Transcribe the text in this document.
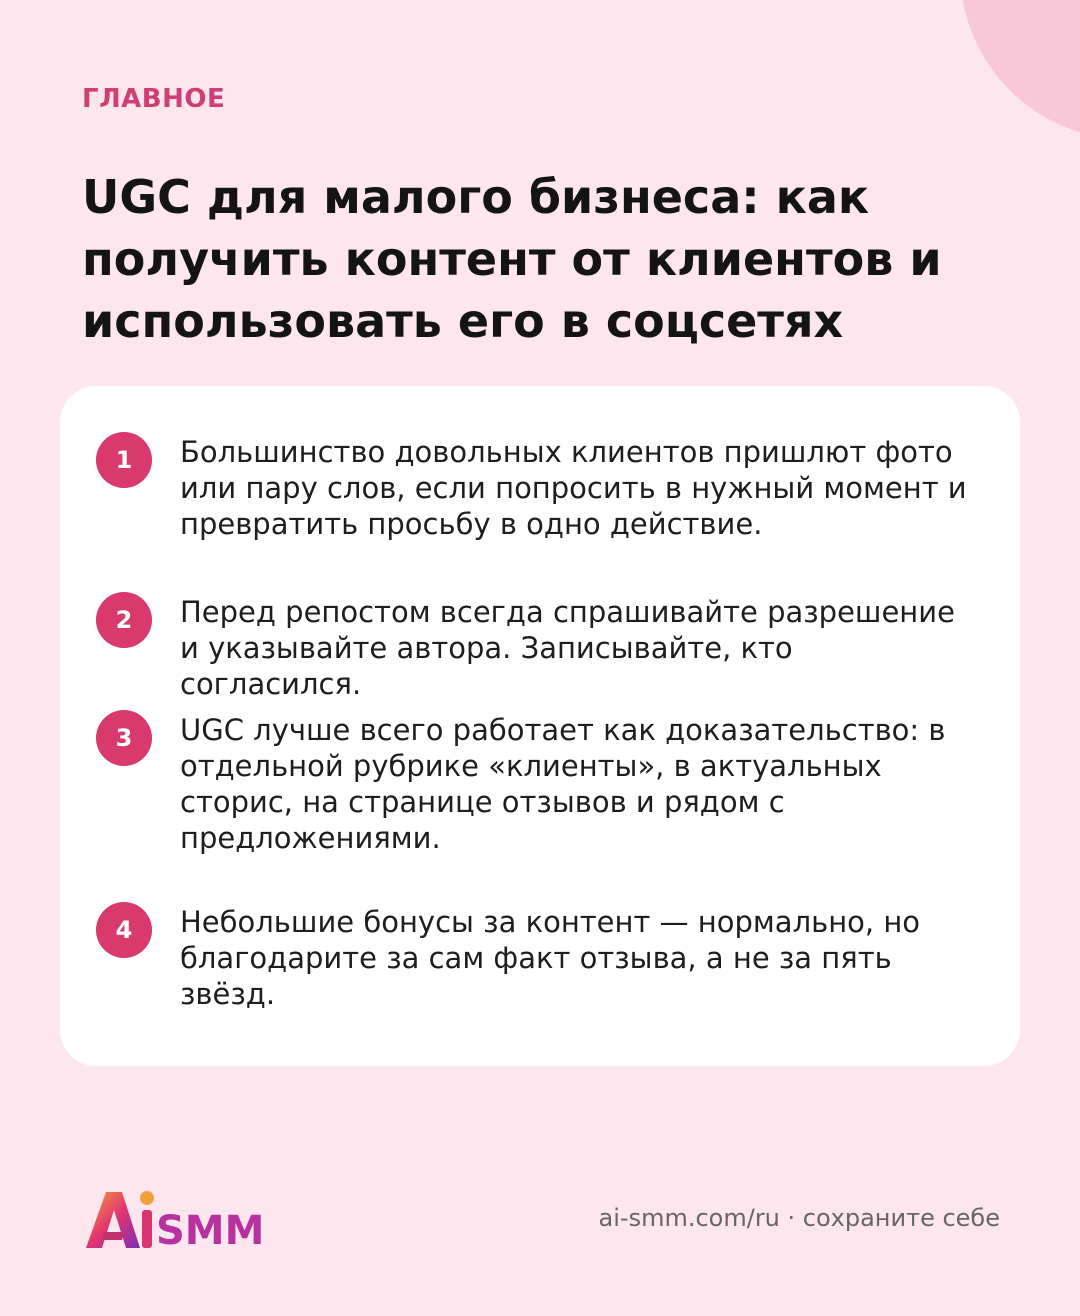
ГЛАВНОЕ
UGC для малого бизнеса: как получить контент от клиентов и использовать его в соцсетях
1	Большинство довольных клиентов пришлют фото или пару слов, если попросить в нужный момент и превратить просьбу в одно действие.

2	Перед репостом всегда спрашивайте разрешение и указывайте автора. Записывайте, кто согласился.

3	UGC лучше всего работает как доказательство: в отдельной рубрике «клиенты», в актуальных сторис, на странице отзывов и рядом с предложениями.

4	Небольшие бонусы за контент — нормально, но благодарите за сам факт отзыва, а не за пять звёзд.

SMM	ai-smm.com/ru · сохраните себе
